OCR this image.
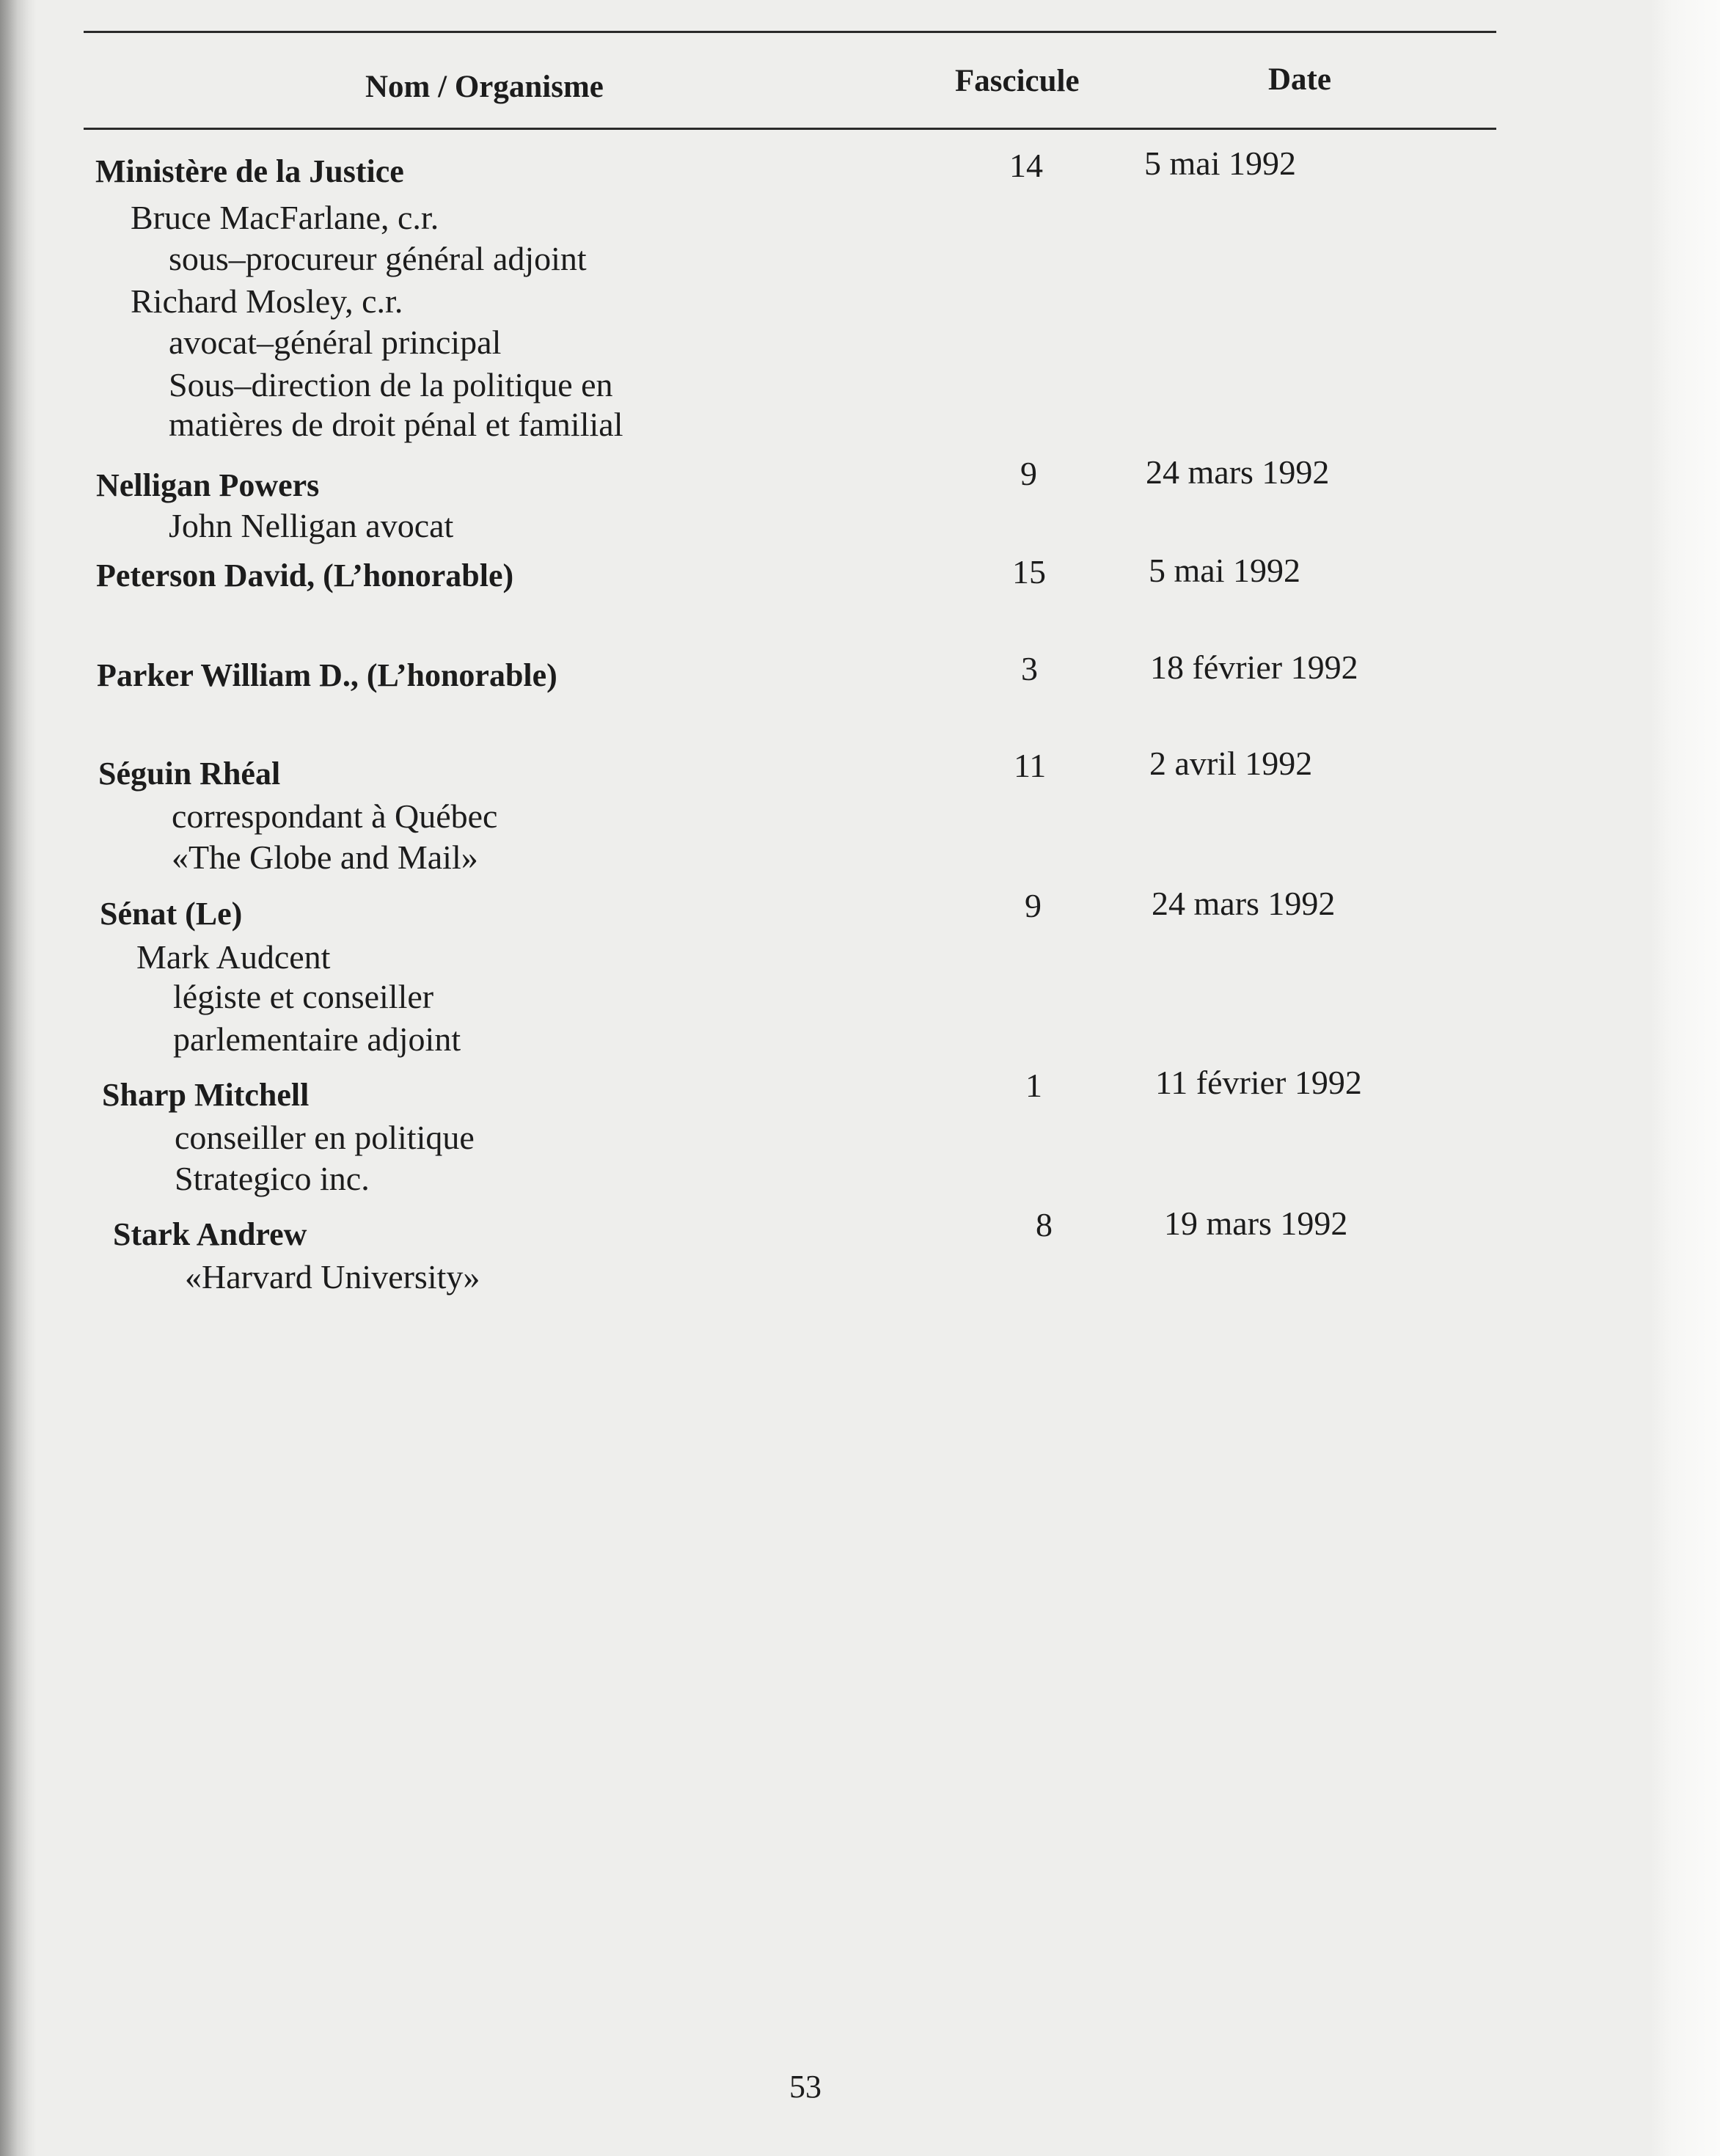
Nom / Organisme	Fascicule	Date
Ministère de la Justice	14	5 mai 1992
Bruce MacFarlane, c.r.
sous–procureur général adjoint
Richard Mosley, c.r.
avocat–général principal
Sous–direction de la politique en
matières de droit pénal et familial
Nelligan Powers	9	24 mars 1992
John Nelligan avocat
Peterson David, (L’honorable)	15	5 mai 1992
Parker William D., (L’honorable)	3	18 février 1992
Séguin Rhéal	11	2 avril 1992
correspondant à Québec
«The Globe and Mail»
Sénat (Le)	9	24 mars 1992
Mark Audcent
légiste et conseiller
parlementaire adjoint
Sharp Mitchell	1	11 février 1992
conseiller en politique
Strategico inc.
Stark Andrew	8	19 mars 1992
«Harvard University»
53
